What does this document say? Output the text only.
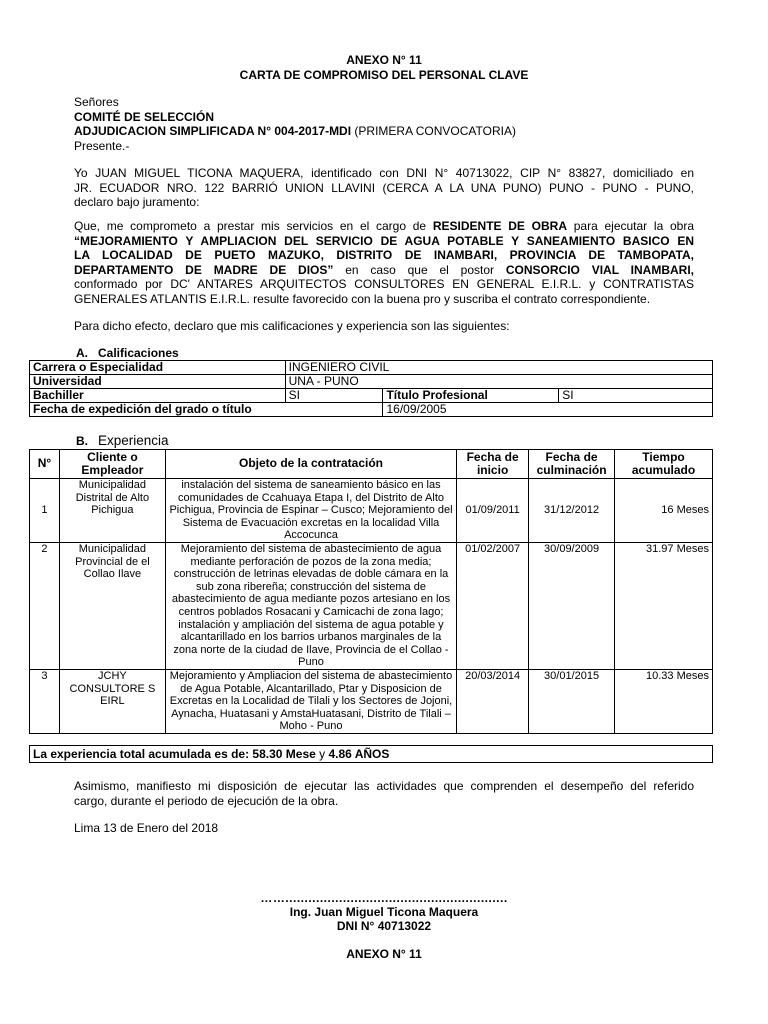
ANEXO N° 11
CARTA DE COMPROMISO DEL PERSONAL CLAVE
Señores
COMITÉ DE SELECCIÓN
ADJUDICACION SIMPLIFICADA N° 004-2017-MDI (PRIMERA CONVOCATORIA)
Presente.-
Yo JUAN MIGUEL TICONA MAQUERA, identificado con DNI N° 40713022, CIP N° 83827, domiciliado en
JR. ECUADOR NRO. 122 BARRIÓ UNION LLAVINI (CERCA A LA UNA PUNO) PUNO - PUNO - PUNO,
declaro bajo juramento:
Que, me comprometo a prestar mis servicios en el cargo de RESIDENTE DE OBRA para ejecutar la obra
“MEJORAMIENTO Y AMPLIACION DEL SERVICIO DE AGUA POTABLE Y SANEAMIENTO BASICO EN
LA LOCALIDAD DE PUETO MAZUKO, DISTRITO DE INAMBARI, PROVINCIA DE TAMBOPATA,
DEPARTAMENTO DE MADRE DE DIOS” en caso que el postor CONSORCIO VIAL INAMBARI,
conformado por DC' ANTARES ARQUITECTOS CONSULTORES EN GENERAL E.I.R.L. y CONTRATISTAS
GENERALES ATLANTIS E.I.R.L. resulte favorecido con la buena pro y suscriba el contrato correspondiente.
Para dicho efecto, declaro que mis calificaciones y experiencia son las siguientes:
A. Calificaciones
Carrera o Especialidad	INGENIERO CIVIL		
Universidad	UNA - PUNO		
Bachiller	SI	Título Profesional	SI
Fecha de expedición del grado o título		16/09/2005	
B. Experiencia
N°	Cliente o Empleador	Objeto de la contratación	Fecha de inicio	Fecha de culminación	Tiempo acumulado
1	Municipalidad Distrital de Alto Pichigua	instalación del sistema de saneamiento básico en las comunidades de Ccahuaya Etapa I, del Distrito de Alto Pichigua, Provincia de Espinar – Cusco; Mejoramiento del Sistema de Evacuación excretas en la localidad Villa Accocunca	01/09/2011	31/12/2012	16 Meses
2	Municipalidad Provincial de el Collao Ilave	Mejoramiento del sistema de abastecimiento de agua mediante perforación de pozos de la zona media; construcción de letrinas elevadas de doble cámara en la sub zona ribereña; construcción del sistema de abastecimiento de agua mediante pozos artesiano en los centros poblados Rosacani y Camicachi de zona lago; instalación y ampliación del sistema de agua potable y alcantarillado en los barrios urbanos marginales de la zona norte de la ciudad de Ilave, Provincia de el Collao - Puno	01/02/2007	30/09/2009	31.97 Meses
3	JCHY CONSULTORE S EIRL	Mejoramiento y Ampliacion del sistema de abastecimiento de Agua Potable, Alcantarillado, Ptar y Disposicion de Excretas en la Localidad de Tilali y los Sectores de Jojoni, Aynacha, Huatasani y AmstaHuatasani, Distrito de Tilali – Moho - Puno	20/03/2014	30/01/2015	10.33 Meses
La experiencia total acumulada es de: 58.30 Mese y 4.86 AÑOS
Asimismo, manifiesto mi disposición de ejecutar las actividades que comprenden el desempeño del referido
cargo, durante el periodo de ejecución de la obra.
Lima 13 de Enero del 2018
……..........................................................
Ing. Juan Miguel Ticona Maquera
DNI N° 40713022
ANEXO N° 11
